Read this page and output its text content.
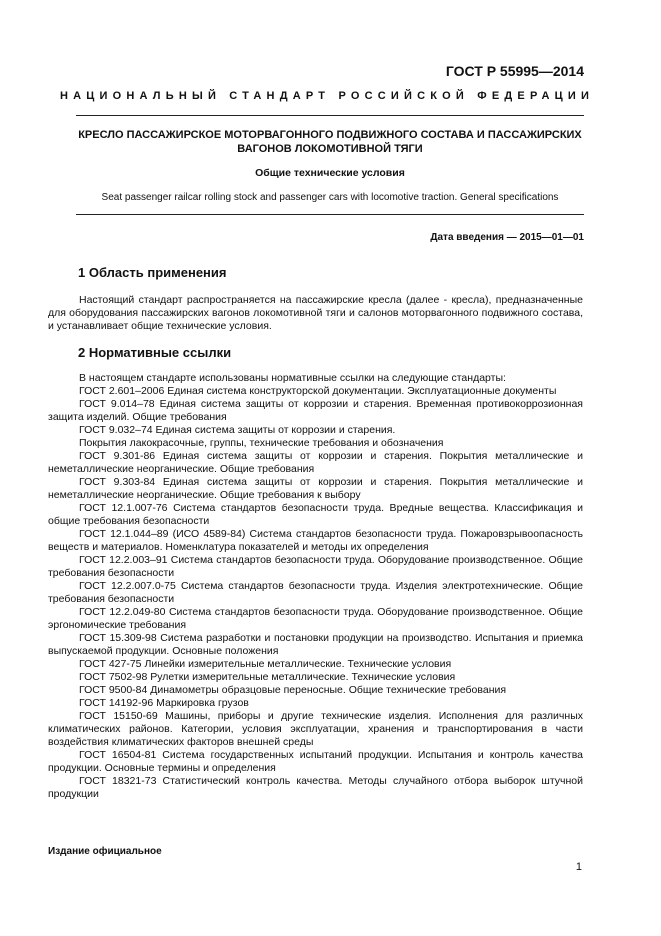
ГОСТ Р 55995—2014
НАЦИОНАЛЬНЫЙ СТАНДАРТ РОССИЙСКОЙ ФЕДЕРАЦИИ
КРЕСЛО ПАССАЖИРСКОЕ МОТОРВАГОННОГО ПОДВИЖНОГО СОСТАВА И ПАССАЖИРСКИХ ВАГОНОВ ЛОКОМОТИВНОЙ ТЯГИ
Общие технические условия
Seat passenger railcar rolling stock and passenger cars with locomotive traction. General specifications
Дата введения — 2015—01—01
1 Область применения
Настоящий стандарт распространяется на пассажирские кресла (далее - кресла), предназначенные для оборудования пассажирских вагонов локомотивной тяги и салонов моторвагонного подвижного состава, и устанавливает общие технические условия.
2 Нормативные ссылки

В настоящем стандарте использованы нормативные ссылки на следующие стандарты:

ГОСТ 2.601–2006 Единая система конструкторской документации. Эксплуатационные документы

ГОСТ 9.014–78 Единая система защиты от коррозии и старения. Временная противокоррозионная защита изделий. Общие требования

ГОСТ 9.032–74 Единая система защиты от коррозии и старения.

Покрытия лакокрасочные, группы, технические требования и обозначения

ГОСТ 9.301-86 Единая система защиты от коррозии и старения. Покрытия металлические и неметаллические неорганические. Общие требования

ГОСТ 9.303-84 Единая система защиты от коррозии и старения. Покрытия металлические и неметаллические неорганические. Общие требования к выбору

ГОСТ 12.1.007-76 Система стандартов безопасности труда. Вредные вещества. Классификация и общие требования безопасности

ГОСТ 12.1.044–89 (ИСО 4589-84) Система стандартов безопасности труда. Пожаровзрывоопасность веществ и материалов. Номенклатура показателей и методы их определения

ГОСТ 12.2.003–91 Система стандартов безопасности труда. Оборудование производственное. Общие требования безопасности

ГОСТ 12.2.007.0-75 Система стандартов безопасности труда. Изделия электротехнические. Общие требования безопасности

ГОСТ 12.2.049-80 Система стандартов безопасности труда. Оборудование производственное. Общие эргономические требования

ГОСТ 15.309-98 Система разработки и постановки продукции на производство. Испытания и приемка выпускаемой продукции. Основные положения

ГОСТ 427-75 Линейки измерительные металлические. Технические условия

ГОСТ 7502-98 Рулетки измерительные металлические. Технические условия

ГОСТ 9500-84 Динамометры образцовые переносные. Общие технические требования

ГОСТ 14192-96 Маркировка грузов

ГОСТ 15150-69 Машины, приборы и другие технические изделия. Исполнения для различных климатических районов. Категории, условия эксплуатации, хранения и транспортирования в части воздействия климатических факторов внешней среды

ГОСТ 16504-81 Система государственных испытаний продукции. Испытания и контроль качества продукции. Основные термины и определения

ГОСТ 18321-73 Статистический контроль качества. Методы случайного отбора выборок штучной продукции

Издание официальное
1
